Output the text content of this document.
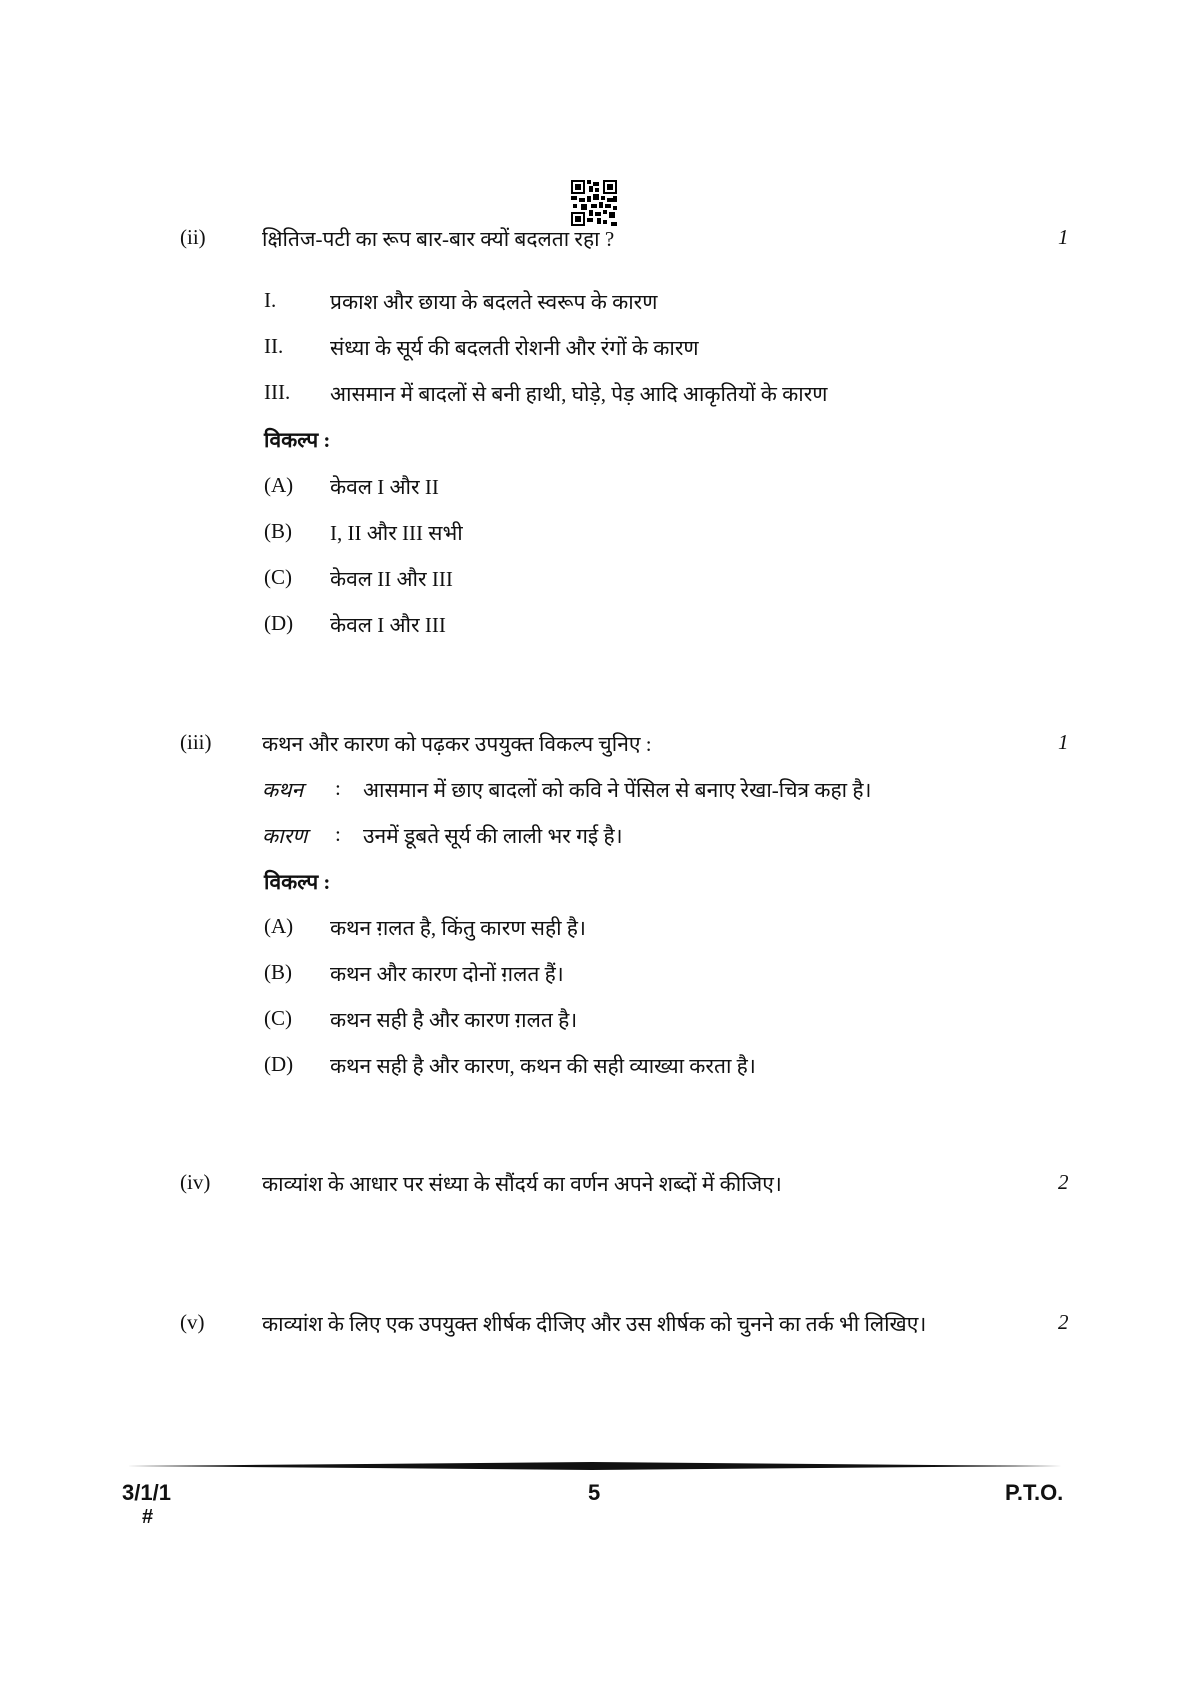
(ii)	क्षितिज-पटी का रूप बार-बार क्यों बदलता रहा ?	1
I.	प्रकाश और छाया के बदलते स्वरूप के कारण
II. संध्या के सूर्य की बदलती रोशनी और रंगों के कारण
III. आसमान में बादलों से बनी हाथी, घोड़े, पेड़ आदि आकृतियों के कारण
विकल्प :
(A) केवल I और II
(B) I, II और III सभी
(C) केवल II और III
(D) केवल I और III
(iii) कथन और कारण को पढ़कर उपयुक्त विकल्प चुनिए :	1
कथन : आसमान में छाए बादलों को कवि ने पेंसिल से बनाए रेखा-चित्र कहा है।
कारण : उनमें डूबते सूर्य की लाली भर गई है।
विकल्प :
(A) कथन ग़लत है, किंतु कारण सही है।
(B) कथन और कारण दोनों ग़लत हैं।
(C) कथन सही है और कारण ग़लत है।
(D) कथन सही है और कारण, कथन की सही व्याख्या करता है।
(iv) काव्यांश के आधार पर संध्या के सौंदर्य का वर्णन अपने शब्दों में कीजिए।	2
(v)	काव्यांश के लिए एक उपयुक्त शीर्षक दीजिए और उस शीर्षक को चुनने का तर्क भी लिखिए।	2
3/1/1
#
5	P.T.O.
